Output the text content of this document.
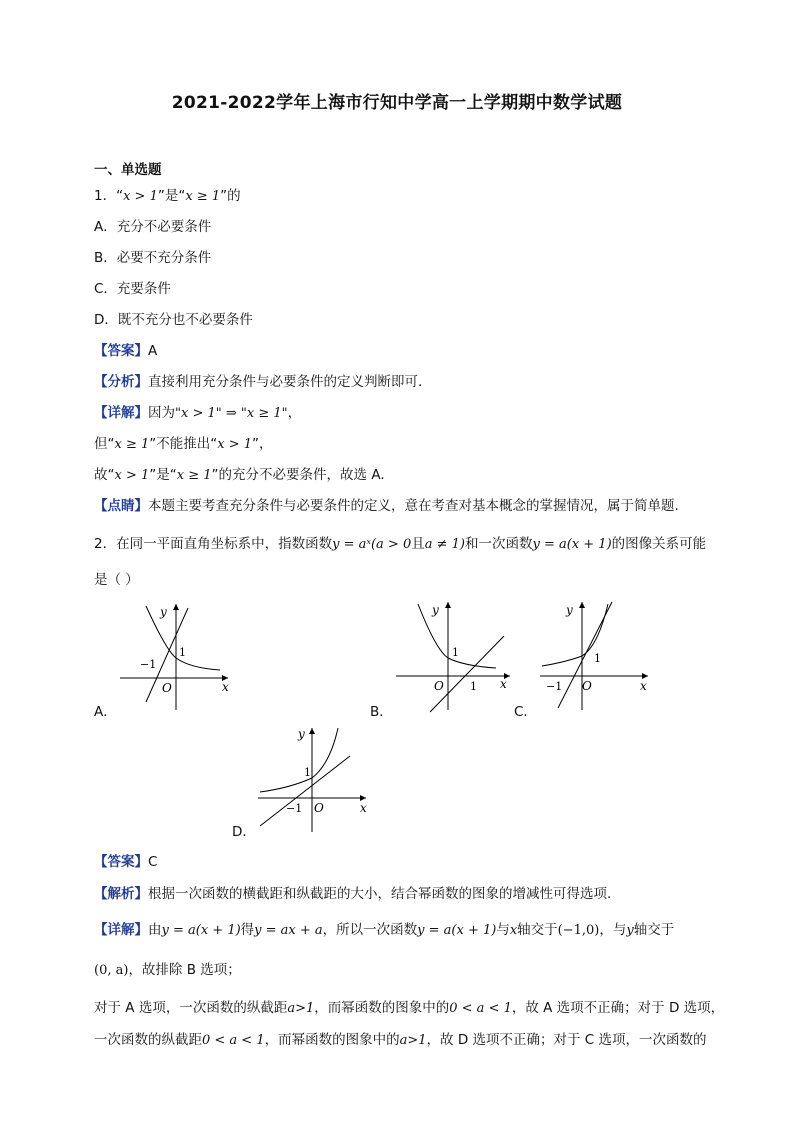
2021-2022学年上海市行知中学高一上学期期中数学试题
一、单选题
1．“x > 1”是“x ≥ 1”的
A．充分不必要条件
B．必要不充分条件
C．充要条件
D．既不充分也不必要条件
【答案】A
【分析】直接利用充分条件与必要条件的定义判断即可.
【详解】因为"x > 1" ⇒ "x ≥ 1"，
但“x ≥ 1”不能推出“x > 1”，
故“x > 1”是“x ≥ 1”的充分不必要条件，故选 A.
【点睛】本题主要考查充分条件与必要条件的定义，意在考查对基本概念的掌握情况，属于简单题.
2．在同一平面直角坐标系中，指数函数y = aˣ(a > 0且a ≠ 1)和一次函数y = a(x + 1)的图像关系可能
是（ ）
A．
y
x
O
1
−1
B．
y
x
O
1
1
C．
y
x
O
1
−1
D．
y
x
O
1
−1
【答案】C
【解析】根据一次函数的横截距和纵截距的大小，结合幂函数的图象的增减性可得选项.
【详解】由y = a(x + 1)得y = ax + a，所以一次函数y = a(x + 1)与x轴交于(−1,0)，与y轴交于
(0, a)，故排除 B 选项；
对于 A 选项，一次函数的纵截距a>1，而幂函数的图象中的0 < a < 1，故 A 选项不正确；对于 D 选项，
一次函数的纵截距0 < a < 1，而幂函数的图象中的a>1，故 D 选项不正确；对于 C 选项，一次函数的
